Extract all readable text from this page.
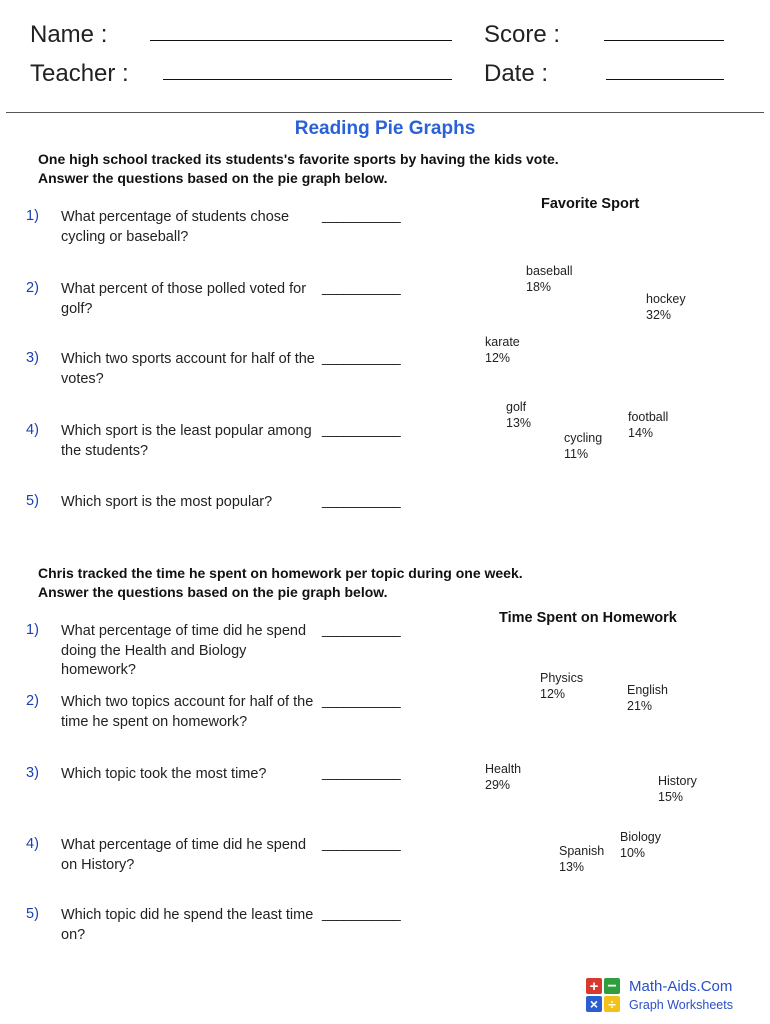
Name :	Score :
Teacher :	Date :
Reading Pie Graphs
One high school tracked its students's favorite sports by having the kids vote.
Answer the questions based on the pie graph below.
1) What percentage of students chose cycling or baseball?
___________
2) What percent of those polled voted for golf?
___________
3) Which two sports account for half of the votes?
___________
4) Which sport is the least popular among the students?
___________
5) Which sport is the most popular?	___________
Favorite Sport
baseball
18%
hockey
32%
karate
12%
golf
13%
cycling
11%
football
14%
Chris tracked the time he spent on homework per topic during one week.
Answer the questions based on the pie graph below.
1) What percentage of time did he spend doing the Health and Biology homework?
___________
2) Which two topics account for half of the time he spent on homework?
___________
3) Which topic took the most time?	___________
4) What percentage of time did he spend on History?
___________
5) Which topic did he spend the least time on?
___________
Time Spent on Homework
Physics
12%	English
21%
Health
29%	History
15%
Biology
10%
Spanish
13%
+ −
× ÷
Math-Aids.Com
Graph Worksheets
